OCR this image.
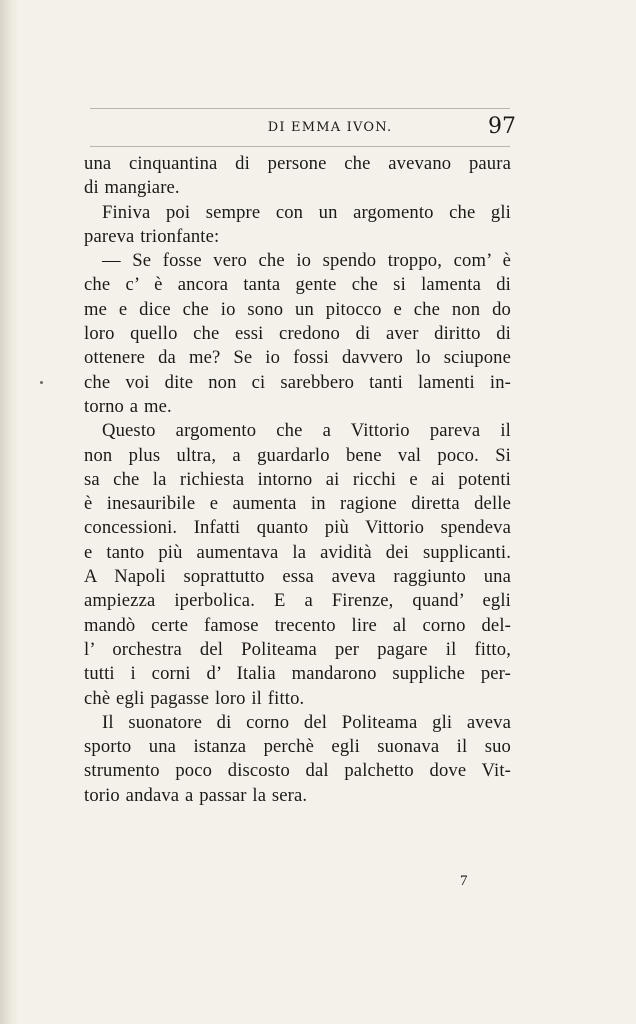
DI EMMA IVON.	97
una cinquantina di persone che avevano paura
di mangiare.
Finiva poi sempre con un argomento che gli
pareva trionfante:
— Se fosse vero che io spendo troppo, com’ è
che c’ è ancora tanta gente che si lamenta di
me e dice che io sono un pitocco e che non do
loro quello che essi credono di aver diritto di
ottenere da me? Se io fossi davvero lo sciupone
che voi dite non ci sarebbero tanti lamenti in-
torno a me.
Questo argomento che a Vittorio pareva il
non plus ultra, a guardarlo bene val poco. Si
sa che la richiesta intorno ai ricchi e ai potenti
è inesauribile e aumenta in ragione diretta delle
concessioni. Infatti quanto più Vittorio spendeva
e tanto più aumentava la avidità dei supplicanti.
A Napoli soprattutto essa aveva raggiunto una
ampiezza iperbolica. E a Firenze, quand’ egli
mandò certe famose trecento lire al corno del-
l’ orchestra del Politeama per pagare il fitto,
tutti i corni d’ Italia mandarono suppliche per-
chè egli pagasse loro il fitto.
Il suonatore di corno del Politeama gli aveva
sporto una istanza perchè egli suonava il suo
strumento poco discosto dal palchetto dove Vit-
torio andava a passar la sera.
7
